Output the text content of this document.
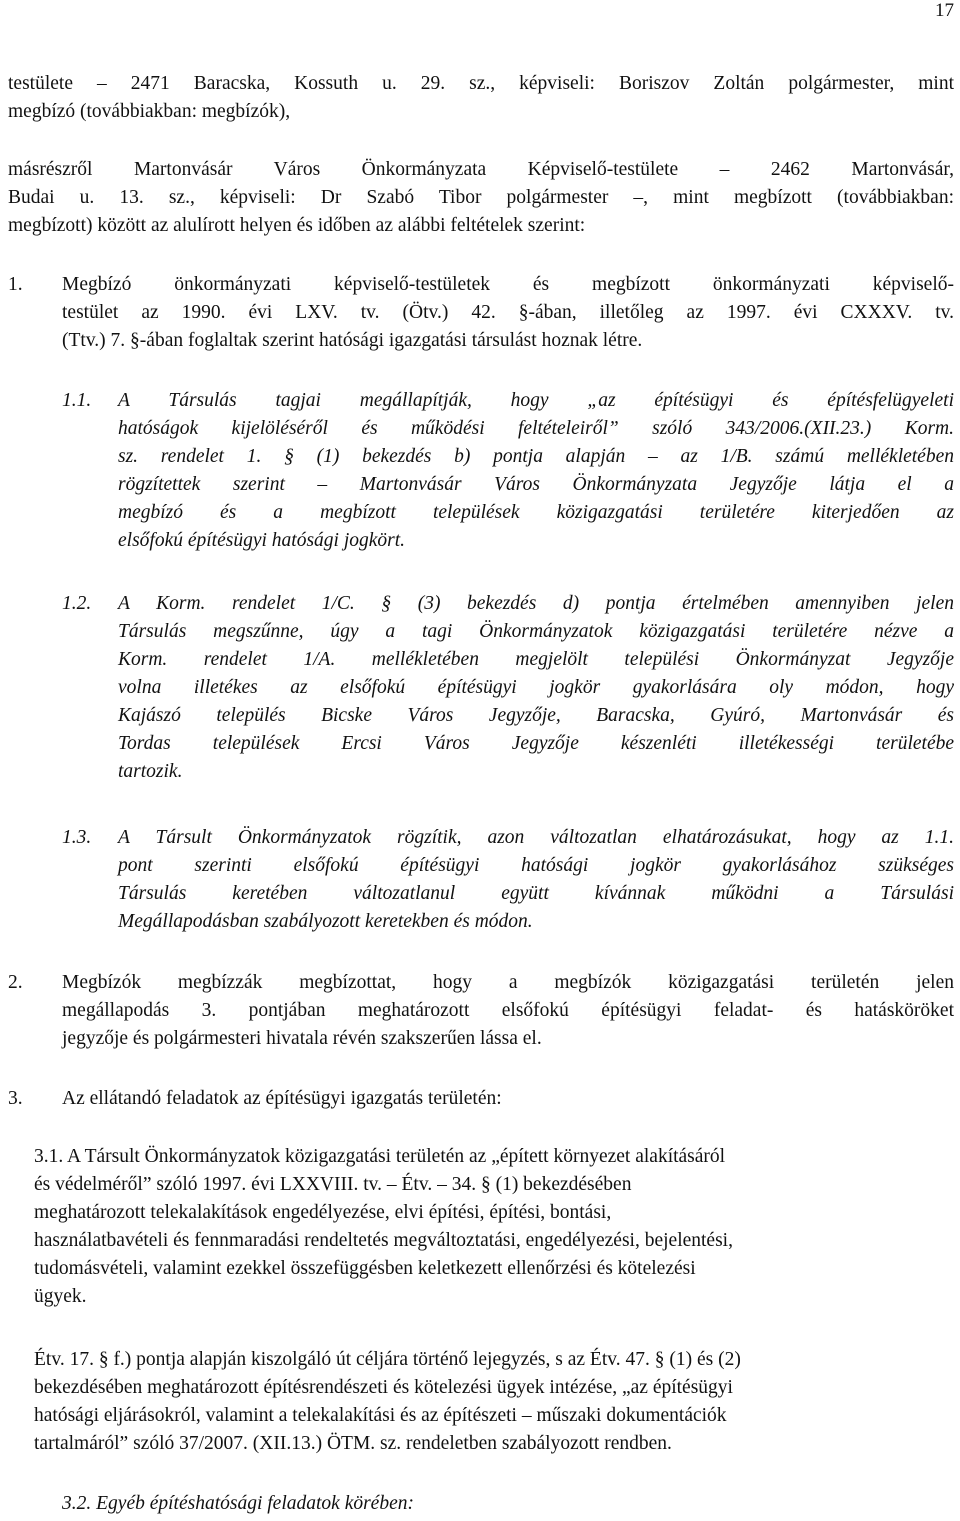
17
testülete – 2471 Baracska, Kossuth u. 29. sz., képviseli: Boriszov Zoltán polgármester, mint
megbízó (továbbiakban: megbízók),
másrészről Martonvásár Város Önkormányzata Képviselő-testülete – 2462 Martonvásár,
Budai u. 13. sz., képviseli: Dr Szabó Tibor polgármester –, mint megbízott (továbbiakban:
megbízott) között az alulírott helyen és időben az alábbi feltételek szerint:
1. Megbízó önkormányzati képviselő-testületek és megbízott önkormányzati képviselő-
testület az 1990. évi LXV. tv. (Ötv.) 42. §-ában, illetőleg az 1997. évi CXXXV. tv.
(Ttv.) 7. §-ában foglaltak szerint hatósági igazgatási társulást hoznak létre.
1.1. A Társulás tagjai megállapítják, hogy „az építésügyi és építésfelügyeleti
hatóságok kijelöléséről és működési feltételeiről” szóló 343/2006.(XII.23.) Korm.
sz. rendelet 1. § (1) bekezdés b) pontja alapján – az 1/B. számú mellékletében
rögzítettek szerint – Martonvásár Város Önkormányzata Jegyzője látja el a
megbízó és a megbízott települések közigazgatási területére kiterjedően az
elsőfokú építésügyi hatósági jogkört.
1.2. A Korm. rendelet 1/C. § (3) bekezdés d) pontja értelmében amennyiben jelen
Társulás megszűnne, úgy a tagi Önkormányzatok közigazgatási területére nézve a
Korm. rendelet 1/A. mellékletében megjelölt települési Önkormányzat Jegyzője
volna illetékes az elsőfokú építésügyi jogkör gyakorlására oly módon, hogy
Kajászó település Bicske Város Jegyzője, Baracska, Gyúró, Martonvásár és
Tordas települések Ercsi Város Jegyzője készenléti illetékességi területébe
tartozik.
1.3. A Társult Önkormányzatok rögzítik, azon változatlan elhatározásukat, hogy az 1.1.
pont szerinti elsőfokú építésügyi hatósági jogkör gyakorlásához szükséges
Társulás keretében változatlanul együtt kívánnak működni a Társulási
Megállapodásban szabályozott keretekben és módon.
2. Megbízók megbízzák megbízottat, hogy a megbízók közigazgatási területén jelen
megállapodás 3. pontjában meghatározott elsőfokú építésügyi feladat- és hatásköröket
jegyzője és polgármesteri hivatala révén szakszerűen lássa el.
3. Az ellátandó feladatok az építésügyi igazgatás területén:
3.1. A Társult Önkormányzatok közigazgatási területén az „épített környezet alakításáról
és védelméről” szóló 1997. évi LXXVIII. tv. – Étv. – 34. § (1) bekezdésében
meghatározott telekalakítások engedélyezése, elvi építési, építési, bontási,
használatbavételi és fennmaradási rendeltetés megváltoztatási, engedélyezési, bejelentési,
tudomásvételi, valamint ezekkel összefüggésben keletkezett ellenőrzési és kötelezési
ügyek.
Étv. 17. § f.) pontja alapján kiszolgáló út céljára történő lejegyzés, s az Étv. 47. § (1) és (2)
bekezdésében meghatározott építésrendészeti és kötelezési ügyek intézése, „az építésügyi
hatósági eljárásokról, valamint a telekalakítási és az építészeti – műszaki dokumentációk
tartalmáról” szóló 37/2007. (XII.13.) ÖTM. sz. rendeletben szabályozott rendben.
3.2. Egyéb építéshatósági feladatok körében:
